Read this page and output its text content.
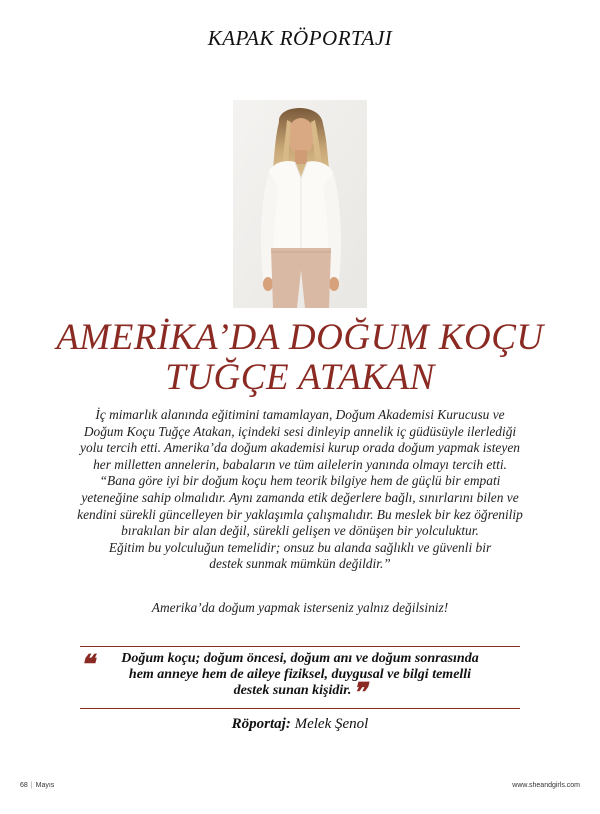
KAPAK RÖPORTAJI
AMERİKA’DA DOĞUM KOÇU
TUĞÇE ATAKAN
İç mimarlık alanında eğitimini tamamlayan, Doğum Akademisi Kurucusu ve
Doğum Koçu Tuğçe Atakan, içindeki sesi dinleyip annelik iç güdüsüyle ilerlediği
yolu tercih etti. Amerika’da doğum akademisi kurup orada doğum yapmak isteyen
her milletten annelerin, babaların ve tüm ailelerin yanında olmayı tercih etti.
“Bana göre iyi bir doğum koçu hem teorik bilgiye hem de güçlü bir empati
yeteneğine sahip olmalıdır. Aynı zamanda etik değerlere bağlı, sınırlarını bilen ve
kendini sürekli güncelleyen bir yaklaşımla çalışmalıdır. Bu meslek bir kez öğrenilip
bırakılan bir alan değil, sürekli gelişen ve dönüşen bir yolculuktur.
Eğitim bu yolculuğun temelidir; onsuz bu alanda sağlıklı ve güvenli bir
destek sunmak mümkün değildir.”
Amerika’da doğum yapmak isterseniz yalnız değilsiniz!
❝	Doğum koçu; doğum öncesi, doğum anı ve doğum sonrasında
hem anneye hem de aileye fiziksel, duygusal ve bilgi temelli
destek sunan kişidir.❞
Röportaj: Melek Şenol
68 | Mayıs	www.sheandgirls.com
